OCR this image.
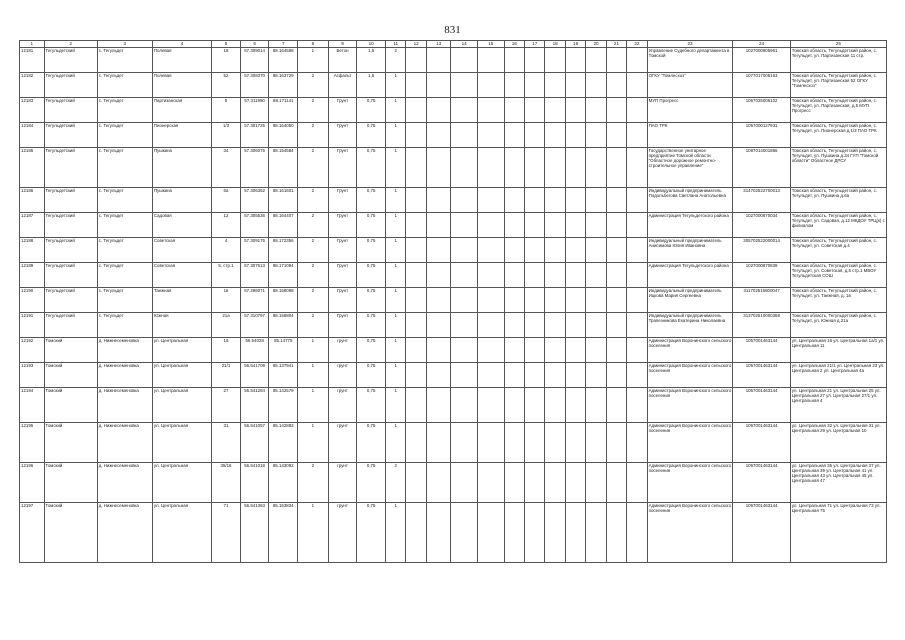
831
1	2	3	4	5	6	7	8	9	10	11	12	13	14	15	16	17	18	19	20	21	22	23	24	25
12181	Тегульдетский	с. Тегульдет	Полевая	18	57.309014	88.164598	1	Бетон	1,5	2												Управление Судебного департамента в Томской	1027000905961	Томская область, Тегульдетский район, с. Тегульдет, ул. Партизанская 11 стр.
12182	Тегульдетский	с. Тегульдет	Полевая	52	57.308370	88.163729	2	Асфальт	1,5	1												ОГКУ "Томлесхоз"	1077017005163	Томская область, Тегульдетский район, с. Тегульдет, ул. Партизанская 52 ОГКУ "Томлесхоз"
12183	Тегульдетский	с. Тегульдет	Партизанская	5	57.311990	88.171141	2	Грунт	0,75	1												МУП Прогресс	1067025006102	Томская область, Тегульдетский район, с. Тегульдет, ул. Партизанская, д.5 МУП Прогресс
12184	Тегульдетский	с. Тегульдет	Пионерская	1/3	57.301725	88.164050	2	Грунт	0,75	1												ПАО ТРК	1057000127931	Томская область, Тегульдетский район, с. Тегульдет, ул. Пионерская д.1/3 ПАО ТРК
12185	Тегульдетский	с. Тегульдет	Пушкина	34	57.306075	88.154584	2	Грунт	0,75	1												Государственное унитарное предприятие Томской области "Областное дорожное ремонтно-строительное управление"	1097014001886	Томская область, Тегульдетский район, с. Тегульдет, ул. Пушкина д.34 ГУП "Томской области" Областное ДРСУ
12186	Тегульдетский	с. Тегульдет	Пушкина	6а	57.306352	88.161601	2	Грунт	0,75	1												Индивидуальный предприниматель Подольбегова Светлана Анатольевна	314702522700013	Томская область, Тегульдетский район, с. Тегульдет, ул. Пушкина д.6а
12187	Тегульдетский	с. Тегульдет	Садовая	12	57.305536	88.164407	2	Грунт	0,75	1												Администрация Тегульдетского района	1027000870034	Томская область, Тегульдетский район, с. Тегульдет, ул. Садовая, д.12 МКДОУ ТРЦ(к) с филиалом
12188	Тегульдетский	с. Тегульдет	Советская	4	57.309175	88.172356	2	Грунт	0,75	1												Индивидуальный предприниматель Анисимова Юлия Ивановна	305702522000014	Томская область, Тегульдетский район, с. Тегульдет, ул. Советская д.4
12189	Тегульдетский	с. Тегульдет	Советская	5, стр.1	57.307513	88.171094	2	Грунт	0,75	1												Администрация Тегульдетского района	1027000870839	Томская область, Тегульдетский район, с. Тегульдет, ул. Советская, д.5 стр.1 МБОУ Тегульдетская СОШ
12190	Тегульдетский	с. Тегульдет	Таежная	1в	57.296071	88.158098	2	Грунт	0,75	1												Индивидуальный предприниматель Ицкова Мария Сергеевна	311702516800047	Томская область, Тегульдетский район, с. Тегульдет, ул. Таежная, д. 1в
12191	Тегульдетский	с. Тегульдет	Южная	21а	57.310797	88.158804	2	Грунт	0,75	1												Индивидуальный предприниматель Трапезникова Екатерина Николаевна	313702510000368	Томская область, Тегульдетский район, с. Тегульдет, ул. Южная д.21а
12192	Томский	д. Нижнесеменовка	ул. Центральная	16	56.54028	85.14775	1	грунт	0,75	1												Администрация Воронинского сельского поселения	1057001463144	ул. Центральная 16 ул. Центральная 1а/1 ул. Центральная 11
12193	Томский	д. Нижнесеменовка	ул. Центральная	21/1	56.541709	85.137941	1	грунт	0,75	1												Администрация Воронинского сельского поселения	1057001463144	ул. Центральная 21/1 ул. Центральная 23 ул. Центральная 2 ул. Центральная 4а
12194	Томский	д. Нижнесеменовка	ул. Центральная	27	56.541284	85.142579	1	грунт	0,75	1												Администрация Воронинского сельского поселения	1057001463144	ул. Центральная 21 ул. Центральная 25 ул. Центральная 27 ул. Центральная 27/1 ул. Центральная 4
12195	Томский	д. Нижнесеменовка	ул. Центральная	31	56.541057	85.142883	1	грунт	0,75	1												Администрация Воронинского сельского поселения	1057001463144	ул. Центральная 32 ул. Центральная 31 ул. Центральная 29 ул. Центральная 10
12196	Томский	д. Нижнесеменовка	ул. Центральная	35/16	56.541018	85.143092	2	грунт	0,75	2												Администрация Воронинского сельского поселения	1057001463144	ул. Центральная 35 ул. Центральная 37 ул. Центральная 39 ул. Центральная 41 ул. Центральная 43 ул. Центральная 45 ул. Центральная 47
12197	Томский	д. Нижнесеменовка	ул. Центральная	71	56.541363	85.153834	1	грунт	0,75	1												Администрация Воронинского сельского поселения	1057001463144	ул. Центральная 71 ул. Центральная 73 ул. Центральная 75
